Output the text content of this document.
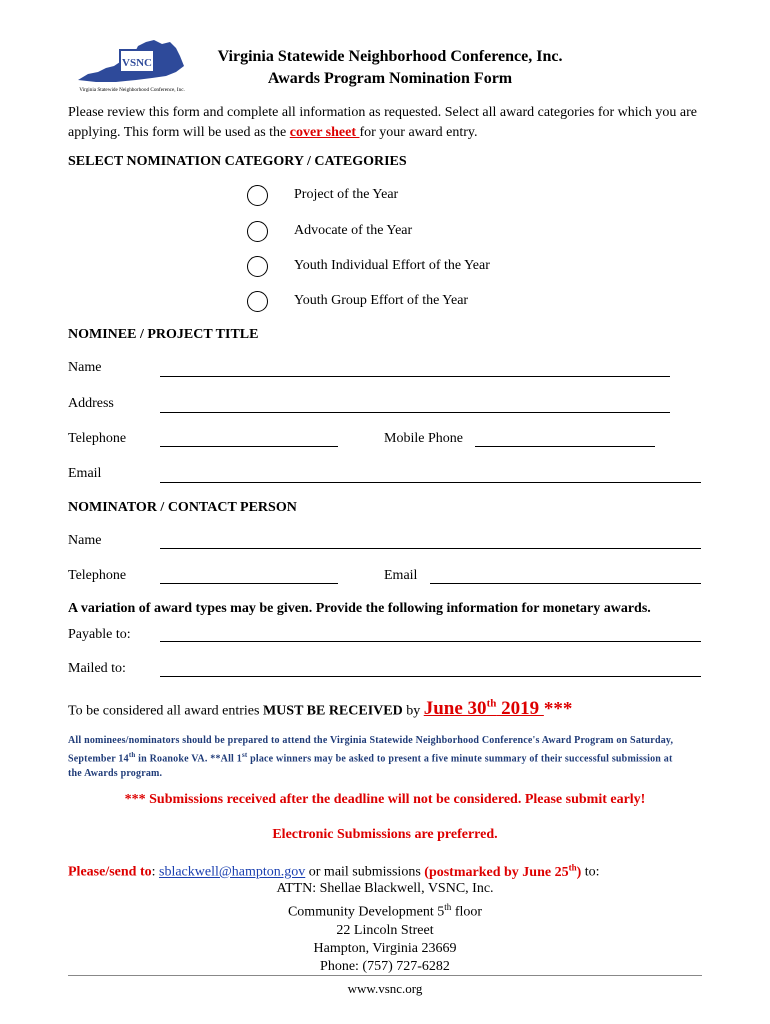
VSNC
Virginia Statewide Neighborhood Conference, Inc.
Virginia Statewide Neighborhood Conference, Inc.
Awards Program Nomination Form
Please review this form and complete all information as requested. Select all award categories for which you are applying. This form will be used as the cover sheet for your award entry.
SELECT NOMINATION CATEGORY / CATEGORIES
Project of the Year
Advocate of the Year
Youth Individual Effort of the Year
Youth Group Effort of the Year
NOMINEE / PROJECT TITLE
Name
Address
Telephone	Mobile Phone
Email
NOMINATOR / CONTACT PERSON
Name
Telephone	Email
A variation of award types may be given. Provide the following information for monetary awards.
Payable to:
Mailed to:
To be considered all award entries MUST BE RECEIVED by June 30th 2019 ***
All nominees/nominators should be prepared to attend the Virginia Statewide Neighborhood Conference's Award Program on Saturday, September 14th in Roanoke VA. **All 1st place winners may be asked to present a five minute summary of their successful submission at the Awards program.
*** Submissions received after the deadline will not be considered. Please submit early!
Electronic Submissions are preferred.
Please/send to: sblackwell@hampton.gov or mail submissions (postmarked by June 25th) to:
ATTN: Shellae Blackwell, VSNC, Inc.
Community Development 5th floor
22 Lincoln Street
Hampton, Virginia 23669
Phone: (757) 727-6282
www.vsnc.org
